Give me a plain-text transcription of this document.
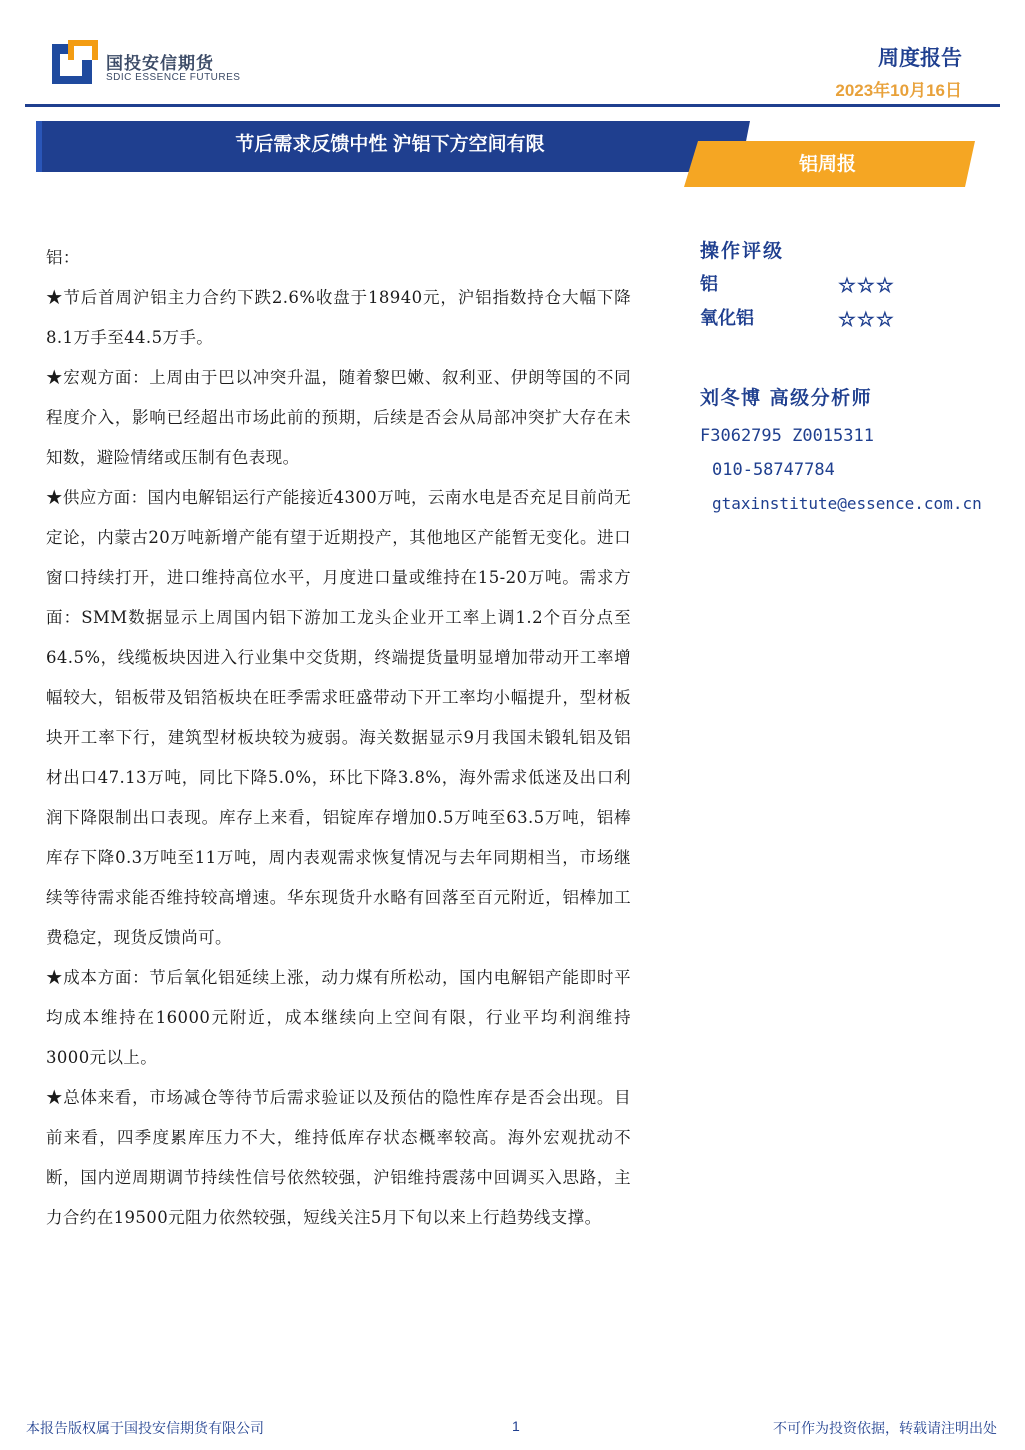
国投安信期货
SDIC ESSENCE FUTURES
周度报告
2023年10月16日
节后需求反馈中性 沪铝下方空间有限
铝周报

铝：

★节后首周沪铝主力合约下跌2.6%收盘于18940元，沪铝指数持仓大幅下降8.1万手至44.5万手。

★宏观方面：上周由于巴以冲突升温，随着黎巴嫩、叙利亚、伊朗等国的不同程度介入，影响已经超出市场此前的预期，后续是否会从局部冲突扩大存在未知数，避险情绪或压制有色表现。

★供应方面：国内电解铝运行产能接近4300万吨，云南水电是否充足目前尚无定论，内蒙古20万吨新增产能有望于近期投产，其他地区产能暂无变化。进口窗口持续打开，进口维持高位水平，月度进口量或维持在15-20万吨。需求方面：SMM数据显示上周国内铝下游加工龙头企业开工率上调1.2个百分点至64.5%，线缆板块因进入行业集中交货期，终端提货量明显增加带动开工率增幅较大，铝板带及铝箔板块在旺季需求旺盛带动下开工率均小幅提升，型材板块开工率下行，建筑型材板块较为疲弱。海关数据显示9月我国未锻轧铝及铝材出口47.13万吨，同比下降5.0%，环比下降3.8%，海外需求低迷及出口利润下降限制出口表现。库存上来看，铝锭库存增加0.5万吨至63.5万吨，铝棒库存下降0.3万吨至11万吨，周内表观需求恢复情况与去年同期相当，市场继续等待需求能否维持较高增速。华东现货升水略有回落至百元附近，铝棒加工费稳定，现货反馈尚可。

★成本方面：节后氧化铝延续上涨，动力煤有所松动，国内电解铝产能即时平均成本维持在16000元附近，成本继续向上空间有限，行业平均利润维持3000元以上。

★总体来看，市场减仓等待节后需求验证以及预估的隐性库存是否会出现。目前来看，四季度累库压力不大，维持低库存状态概率较高。海外宏观扰动不断，国内逆周期调节持续性信号依然较强，沪铝维持震荡中回调买入思路，主力合约在19500元阻力依然较强，短线关注5月下旬以来上行趋势线支撑。

操作评级
铝	☆☆☆
氧化铝	☆☆☆
刘冬博 高级分析师
F3062795 Z0015311
010-58747784
gtaxinstitute@essence.com.cn
本报告版权属于国投安信期货有限公司	1	不可作为投资依据，转载请注明出处
